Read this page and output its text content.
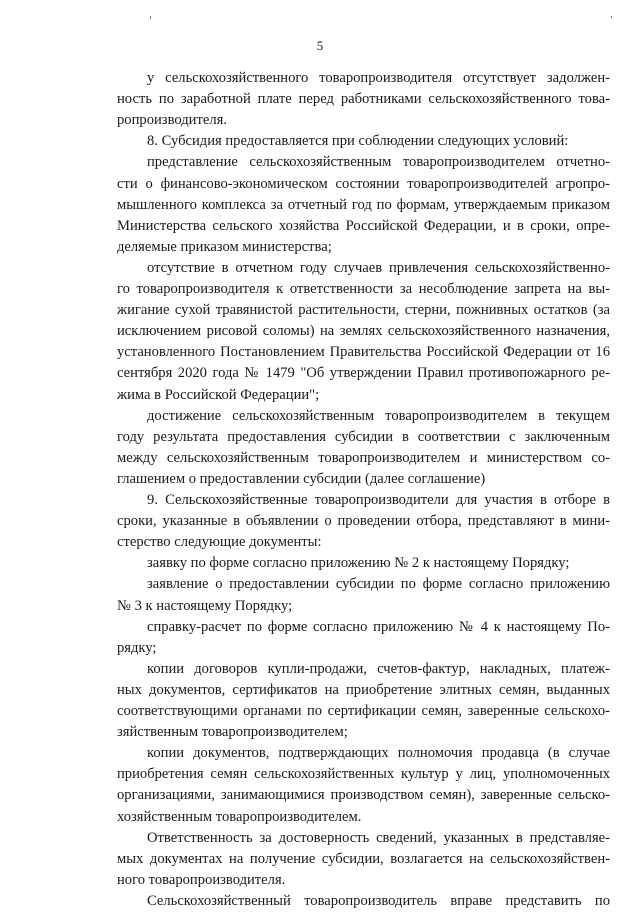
5
у сельскохозяйственного товаропроизводителя отсутствует задолжен-
ность по заработной плате перед работниками сельскохозяйственного това-
ропроизводителя.
8. Субсидия предоставляется при соблюдении следующих условий:
представление сельскохозяйственным товаропроизводителем отчетно-
сти о финансово-экономическом состоянии товаропроизводителей агропро-
мышленного комплекса за отчетный год по формам, утверждаемым приказом
Министерства сельского хозяйства Российской Федерации, и в сроки, опре-
деляемые приказом министерства;
отсутствие в отчетном году случаев привлечения сельскохозяйственно-
го товаропроизводителя к ответственности за несоблюдение запрета на вы-
жигание сухой травянистой растительности, стерни, пожнивных остатков (за
исключением рисовой соломы) на землях сельскохозяйственного назначения,
установленного Постановлением Правительства Российской Федерации от 16
сентября 2020 года № 1479 "Об утверждении Правил противопожарного ре-
жима в Российской Федерации";
достижение сельскохозяйственным товаропроизводителем в текущем
году результата предоставления субсидии в соответствии с заключенным
между сельскохозяйственным товаропроизводителем и министерством со-
глашением о предоставлении субсидии (далее соглашение)
9. Сельскохозяйственные товаропроизводители для участия в отборе в
сроки, указанные в объявлении о проведении отбора, представляют в мини-
стерство следующие документы:
заявку по форме согласно приложению № 2 к настоящему Порядку;
заявление о предоставлении субсидии по форме согласно приложению
№ 3 к настоящему Порядку;
справку-расчет по форме согласно приложению № 4 к настоящему По-
рядку;
копии договоров купли-продажи, счетов-фактур, накладных, платеж-
ных документов, сертификатов на приобретение элитных семян, выданных
соответствующими органами по сертификации семян, заверенные сельскохо-
зяйственным товаропроизводителем;
копии документов, подтверждающих полномочия продавца (в случае
приобретения семян сельскохозяйственных культур у лиц, уполномоченных
организациями, занимающимися производством семян), заверенные сельско-
хозяйственным товаропроизводителем.
Ответственность за достоверность сведений, указанных в представляе-
мых документах на получение субсидии, возлагается на сельскохозяйствен-
ного товаропроизводителя.
Сельскохозяйственный товаропроизводитель вправе представить по
